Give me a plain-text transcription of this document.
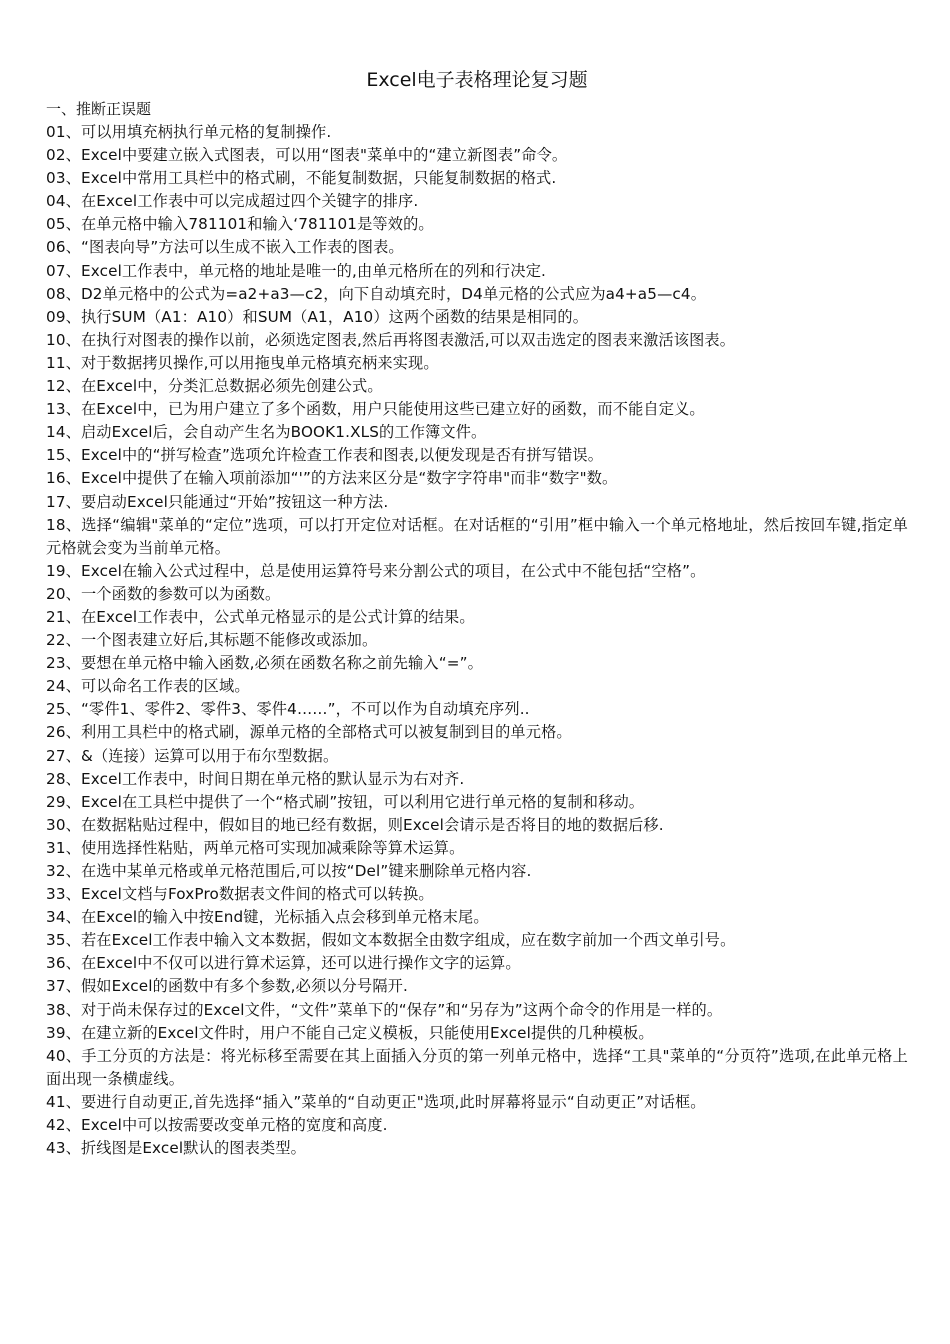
Excel电子表格理论复习题

一、推断正误题

01、可以用填充柄执行单元格的复制操作.
02、Excel中要建立嵌入式图表，可以用“图表"菜单中的“建立新图表”命令。
03、Excel中常用工具栏中的格式刷，不能复制数据，只能复制数据的格式.
04、在Excel工作表中可以完成超过四个关键字的排序.
05、在单元格中输入781101和输入‘781101是等效的。
06、“图表向导”方法可以生成不嵌入工作表的图表。
07、Excel工作表中，单元格的地址是唯一的,由单元格所在的列和行决定.
08、D2单元格中的公式为=a2+a3—c2，向下自动填充时，D4单元格的公式应为a4+a5—c4。
09、执行SUM（A1：A10）和SUM（A1，A10）这两个函数的结果是相同的。
10、在执行对图表的操作以前，必须选定图表,然后再将图表激活,可以双击选定的图表来激活该图表。
11、对于数据拷贝操作,可以用拖曳单元格填充柄来实现。
12、在Excel中，分类汇总数据必须先创建公式。
13、在Excel中，已为用户建立了多个函数，用户只能使用这些已建立好的函数，而不能自定义。
14、启动Excel后，会自动产生名为BOOK1.XLS的工作簿文件。
15、Excel中的“拼写检查”选项允许检查工作表和图表,以便发现是否有拼写错误。
16、Excel中提供了在输入项前添加“'”的方法来区分是“数字字符串"而非“数字"数。
17、要启动Excel只能通过“开始”按钮这一种方法.
18、选择“编辑"菜单的“定位”选项，可以打开定位对话框。在对话框的“引用”框中输入一个单元格地址，然后按回车键,指定单元格就会变为当前单元格。
19、Excel在输入公式过程中，总是使用运算符号来分割公式的项目，在公式中不能包括“空格”。
20、一个函数的参数可以为函数。
21、在Excel工作表中，公式单元格显示的是公式计算的结果。
22、一个图表建立好后,其标题不能修改或添加。
23、要想在单元格中输入函数,必须在函数名称之前先输入“=”。
24、可以命名工作表的区域。
25、“零件1、零件2、零件3、零件4……”，不可以作为自动填充序列..
26、利用工具栏中的格式刷，源单元格的全部格式可以被复制到目的单元格。
27、&（连接）运算可以用于布尔型数据。
28、Excel工作表中，时间日期在单元格的默认显示为右对齐.
29、Excel在工具栏中提供了一个“格式刷”按钮，可以利用它进行单元格的复制和移动。
30、在数据粘贴过程中，假如目的地已经有数据，则Excel会请示是否将目的地的数据后移.
31、使用选择性粘贴，两单元格可实现加减乘除等算术运算。
32、在选中某单元格或单元格范围后,可以按“Del”键来删除单元格内容.
33、Excel文档与FoxPro数据表文件间的格式可以转换。
34、在Excel的输入中按End键，光标插入点会移到单元格末尾。
35、若在Excel工作表中输入文本数据，假如文本数据全由数字组成，应在数字前加一个西文单引号。
36、在Excel中不仅可以进行算术运算，还可以进行操作文字的运算。
37、假如Excel的函数中有多个参数,必须以分号隔开.
38、对于尚未保存过的Excel文件，“文件”菜单下的“保存”和“另存为”这两个命令的作用是一样的。
39、在建立新的Excel文件时，用户不能自己定义模板，只能使用Excel提供的几种模板。
40、手工分页的方法是：将光标移至需要在其上面插入分页的第一列单元格中，选择“工具"菜单的“分页符”选项,在此单元格上面出现一条横虚线。
41、要进行自动更正,首先选择“插入”菜单的“自动更正"选项,此时屏幕将显示“自动更正”对话框。
42、Excel中可以按需要改变单元格的宽度和高度.
43、折线图是Excel默认的图表类型。
